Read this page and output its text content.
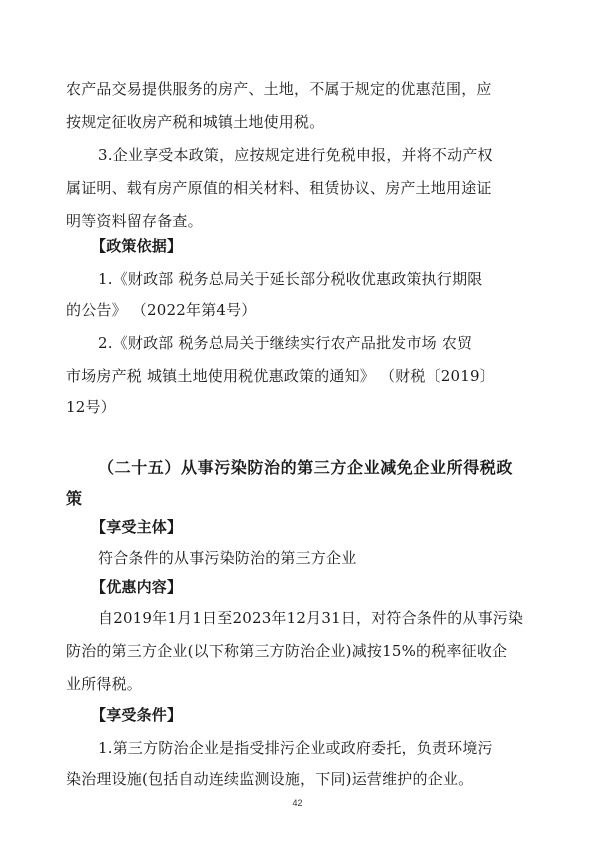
农产品交易提供服务的房产、土地，不属于规定的优惠范围，应
按规定征收房产税和城镇土地使用税。
3.企业享受本政策，应按规定进行免税申报，并将不动产权
属证明、载有房产原值的相关材料、租赁协议、房产土地用途证
明等资料留存备查。
【政策依据】
1.《财政部 税务总局关于延长部分税收优惠政策执行期限
的公告》 （2022年第4号）
2.《财政部 税务总局关于继续实行农产品批发市场 农贸
市场房产税 城镇土地使用税优惠政策的通知》 （财税〔2019〕
12号）
（二十五）从事污染防治的第三方企业减免企业所得税政
策
【享受主体】
符合条件的从事污染防治的第三方企业
【优惠内容】
自2019年1月1日至2023年12月31日，对符合条件的从事污染
防治的第三方企业(以下称第三方防治企业)减按15%的税率征收企
业所得税。
【享受条件】
1.第三方防治企业是指受排污企业或政府委托，负责环境污
染治理设施(包括自动连续监测设施，下同)运营维护的企业。
42
